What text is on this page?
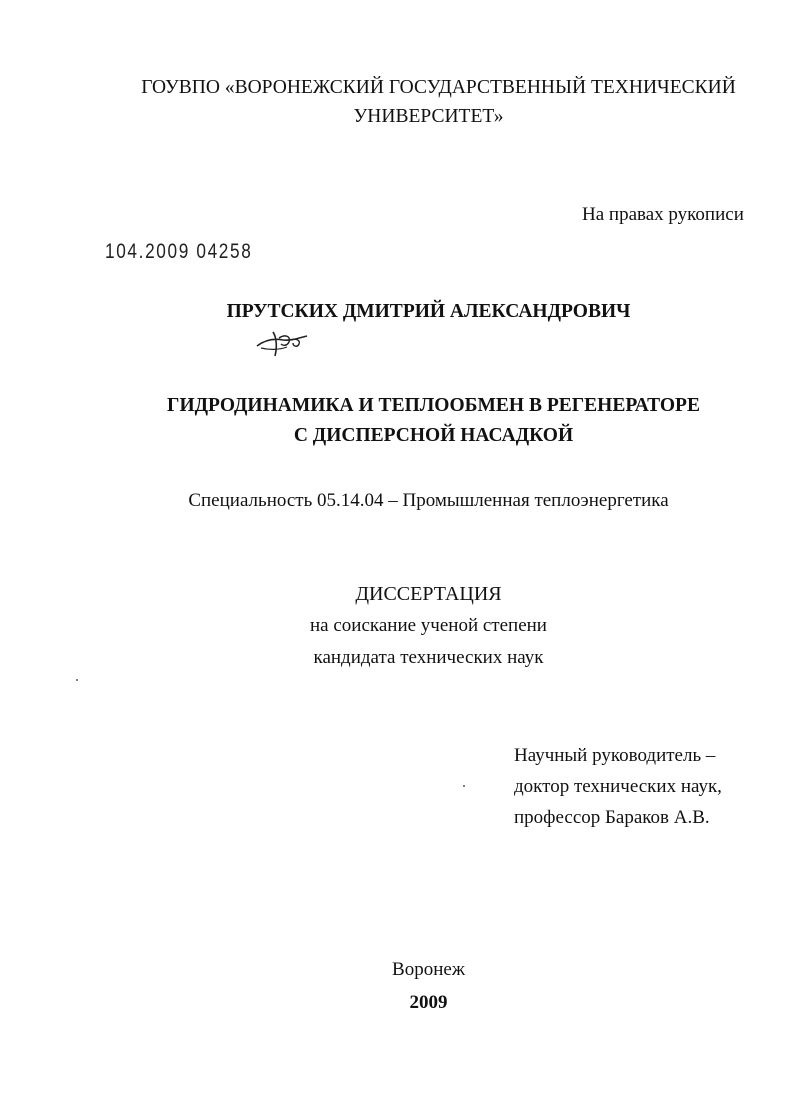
ГОУВПО «ВОРОНЕЖСКИЙ ГОСУДАРСТВЕННЫЙ ТЕХНИЧЕСКИЙ
УНИВЕРСИТЕТ»
На правах рукописи
104.2009 04258
ПРУТСКИХ ДМИТРИЙ АЛЕКСАНДРОВИЧ
ГИДРОДИНАМИКА И ТЕПЛООБМЕН В РЕГЕНЕРАТОРЕ
С ДИСПЕРСНОЙ НАСАДКОЙ
Специальность 05.14.04 – Промышленная теплоэнергетика
ДИССЕРТАЦИЯ
на соискание ученой степени
кандидата технических наук
Научный руководитель –
доктор технических наук,
профессор Бараков А.В.
Воронеж
2009
